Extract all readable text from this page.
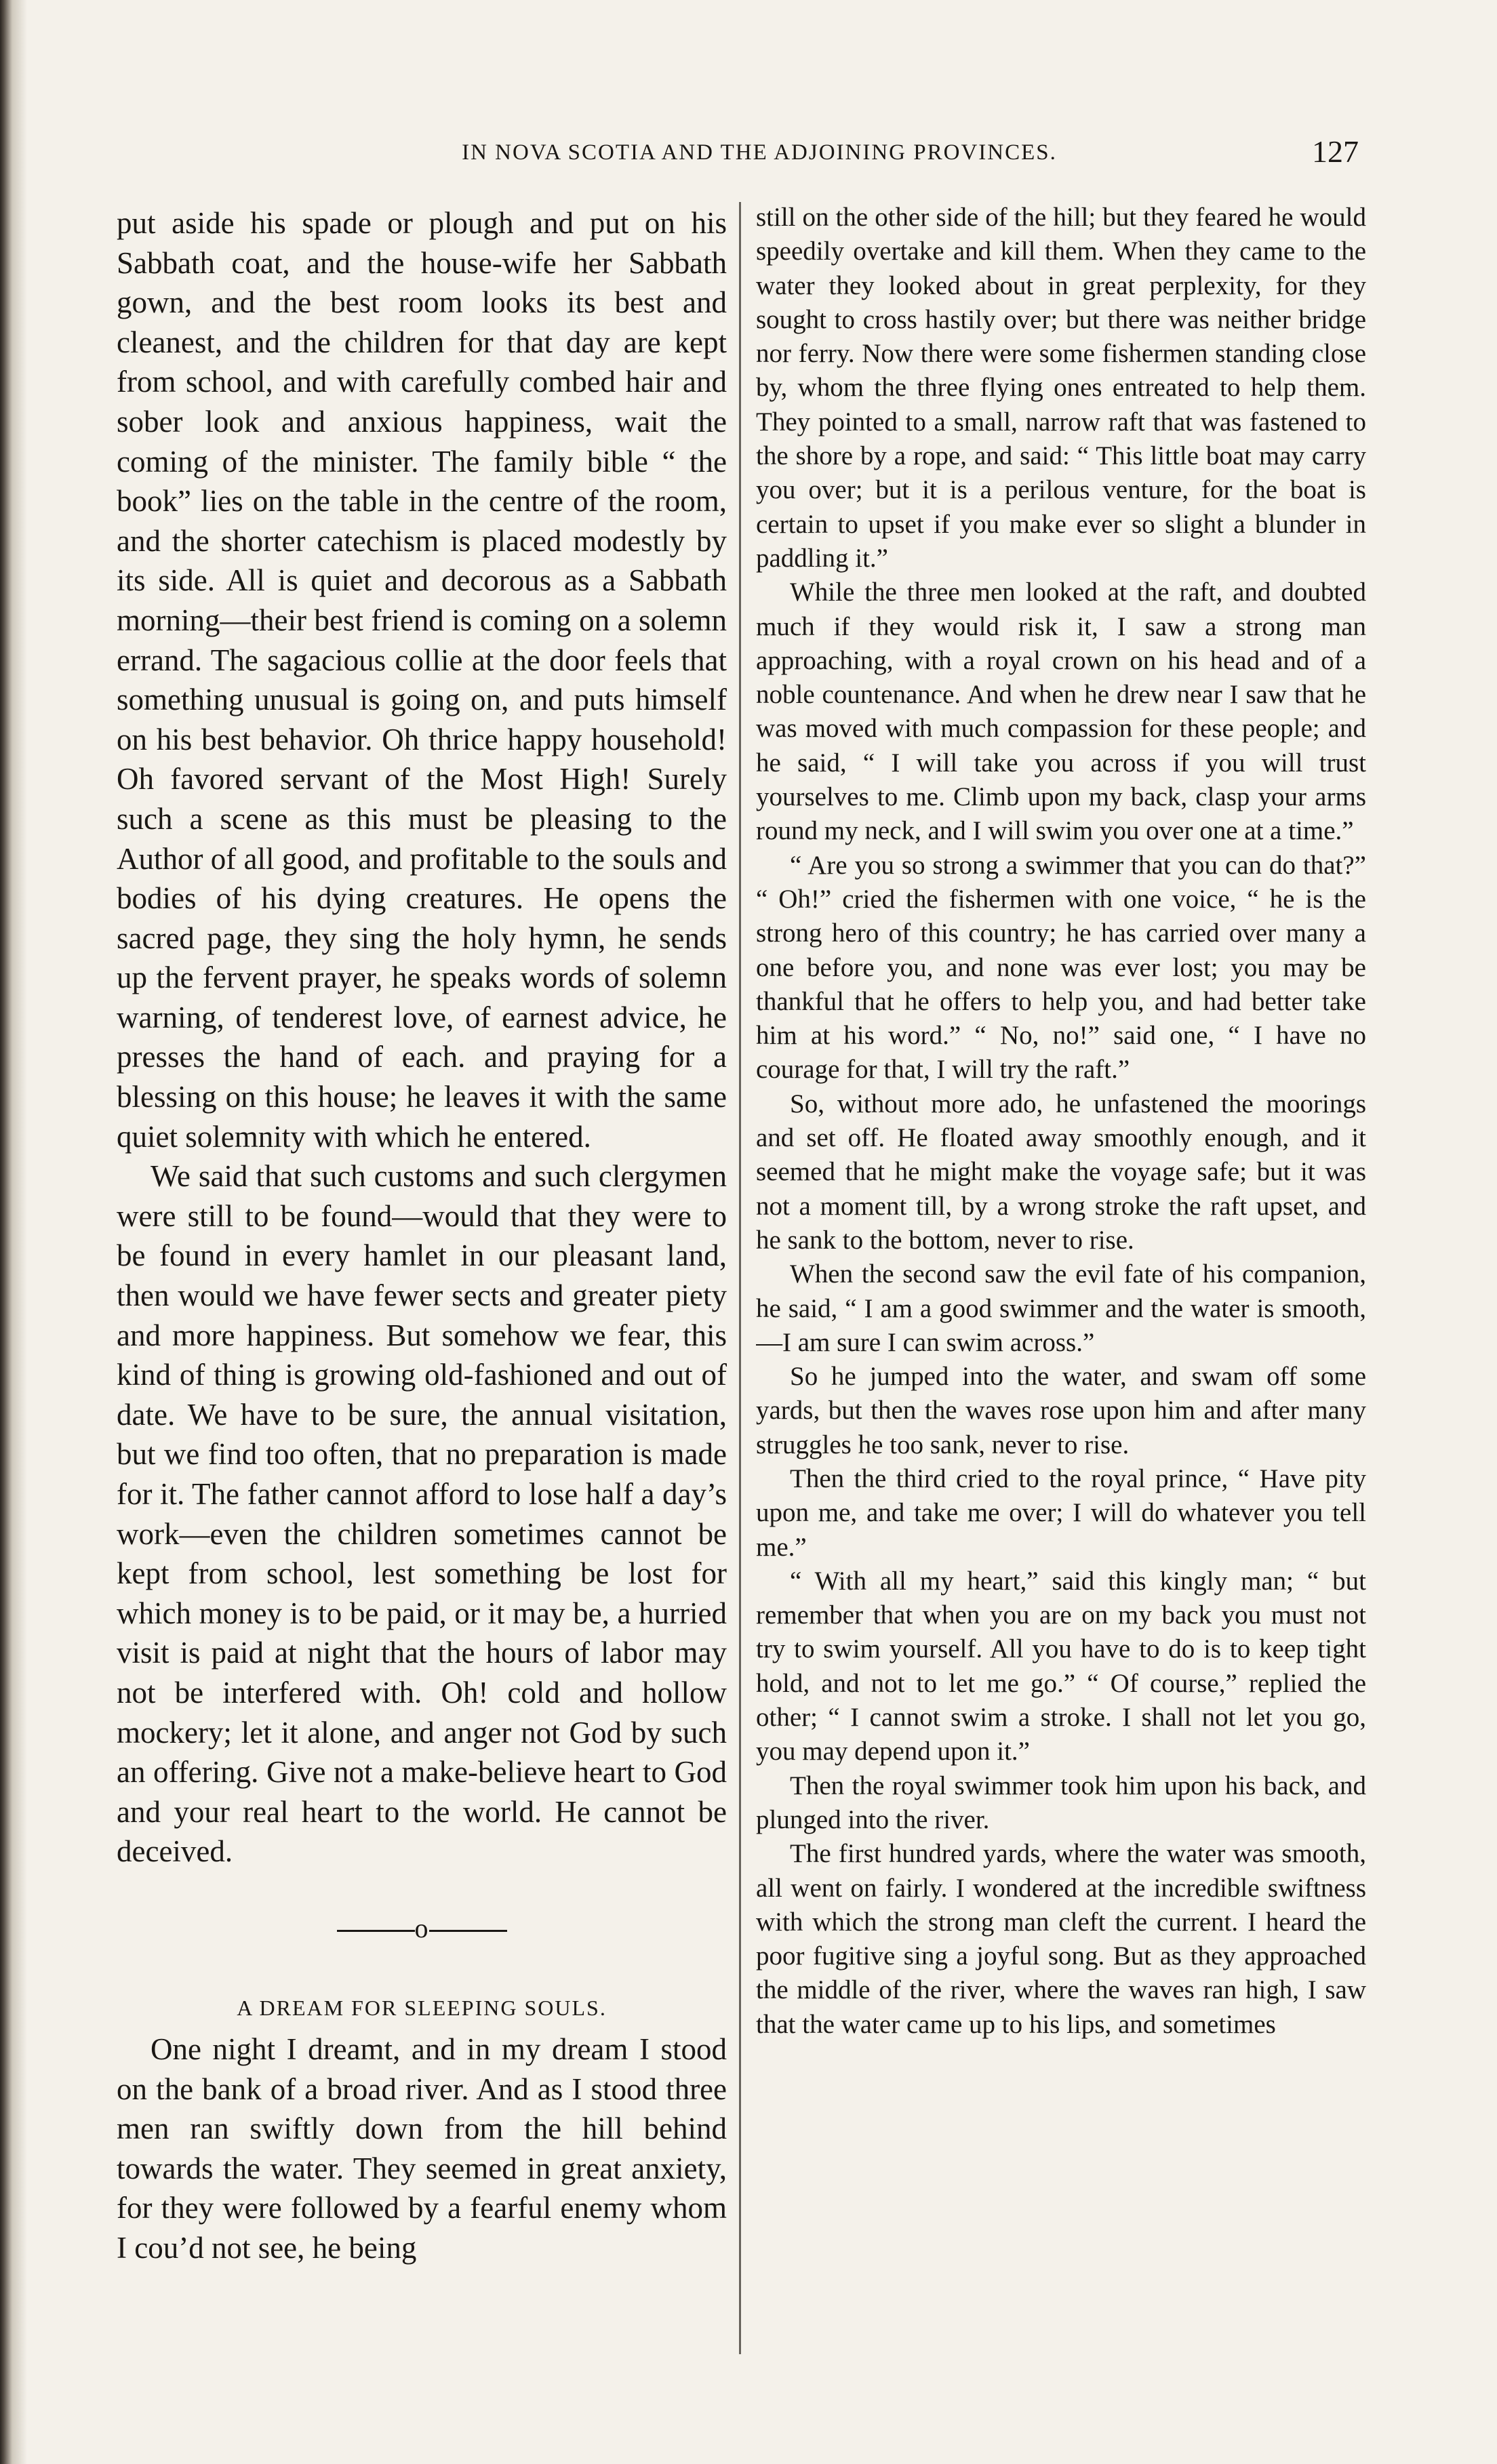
IN NOVA SCOTIA AND THE ADJOINING PROVINCES.	127

put aside his spade or plough and put on his Sabbath coat, and the house-wife her Sabbath gown, and the best room looks its best and cleanest, and the children for that day are kept from school, and with carefully combed hair and sober look and anxious happiness, wait the coming of the minister. The family bible “ the book” lies on the table in the centre of the room, and the shorter catechism is placed modestly by its side. All is quiet and decorous as a Sabbath morning—their best friend is coming on a solemn errand. The sagacious collie at the door feels that something unusual is going on, and puts himself on his best behavior. Oh thrice happy household! Oh favored servant of the Most High! Surely such a scene as this must be pleasing to the Author of all good, and profitable to the souls and bodies of his dying creatures. He opens the sacred page, they sing the holy hymn, he sends up the fervent prayer, he speaks words of solemn warning, of tenderest love, of earnest advice, he presses the hand of each. and praying for a blessing on this house; he leaves it with the same quiet solemnity with which he entered.

We said that such customs and such clergymen were still to be found—would that they were to be found in every hamlet in our pleasant land, then would we have fewer sects and greater piety and more happiness. But somehow we fear, this kind of thing is growing old-fashioned and out of date. We have to be sure, the annual visitation, but we find too often, that no preparation is made for it. The father cannot afford to lose half a day’s work—even the children sometimes cannot be kept from school, lest something be lost for which money is to be paid, or it may be, a hurried visit is paid at night that the hours of labor may not be interfered with. Oh! cold and hollow mockery; let it alone, and anger not God by such an offering. Give not a make-believe heart to God and your real heart to the world. He cannot be deceived.

o
A DREAM FOR SLEEPING SOULS.

One night I dreamt, and in my dream I stood on the bank of a broad river. And as I stood three men ran swiftly down from the hill behind towards the water. They seemed in great anxiety, for they were followed by a fearful enemy whom I cou’d not see, he being

still on the other side of the hill; but they feared he would speedily overtake and kill them. When they came to the water they looked about in great perplexity, for they sought to cross hastily over; but there was neither bridge nor ferry. Now there were some fishermen standing close by, whom the three flying ones entreated to help them. They pointed to a small, narrow raft that was fastened to the shore by a rope, and said: “ This little boat may carry you over; but it is a perilous venture, for the boat is certain to upset if you make ever so slight a blunder in paddling it.”

While the three men looked at the raft, and doubted much if they would risk it, I saw a strong man approaching, with a royal crown on his head and of a noble countenance. And when he drew near I saw that he was moved with much compassion for these people; and he said, “ I will take you across if you will trust yourselves to me. Climb upon my back, clasp your arms round my neck, and I will swim you over one at a time.”

“ Are you so strong a swimmer that you can do that?” “ Oh!” cried the fishermen with one voice, “ he is the strong hero of this country; he has carried over many a one before you, and none was ever lost; you may be thankful that he offers to help you, and had better take him at his word.” “ No, no!” said one, “ I have no courage for that, I will try the raft.”

So, without more ado, he unfastened the moorings and set off. He floated away smoothly enough, and it seemed that he might make the voyage safe; but it was not a moment till, by a wrong stroke the raft upset, and he sank to the bottom, never to rise.

When the second saw the evil fate of his companion, he said, “ I am a good swimmer and the water is smooth,—I am sure I can swim across.”

So he jumped into the water, and swam off some yards, but then the waves rose upon him and after many struggles he too sank, never to rise.

Then the third cried to the royal prince, “ Have pity upon me, and take me over; I will do whatever you tell me.”

“ With all my heart,” said this kingly man; “ but remember that when you are on my back you must not try to swim yourself. All you have to do is to keep tight hold, and not to let me go.” “ Of course,” replied the other; “ I cannot swim a stroke. I shall not let you go, you may depend upon it.”

Then the royal swimmer took him upon his back, and plunged into the river.

The first hundred yards, where the water was smooth, all went on fairly. I wondered at the incredible swiftness with which the strong man cleft the current. I heard the poor fugitive sing a joyful song. But as they approached the middle of the river, where the waves ran high, I saw that the water came up to his lips, and sometimes
